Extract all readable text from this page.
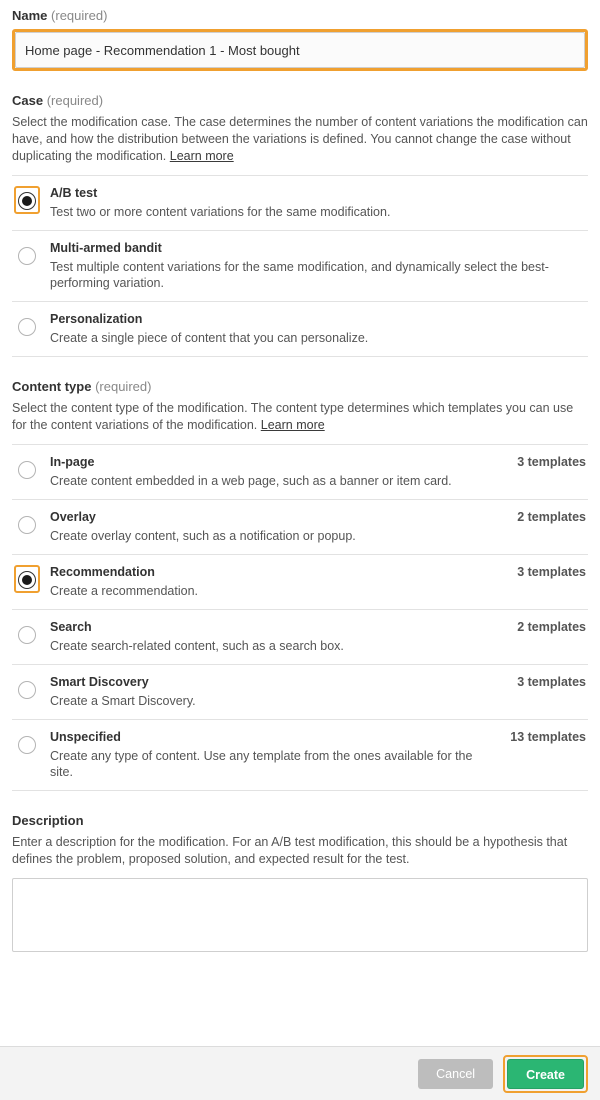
Name (required)
Home page - Recommendation 1 - Most bought
Case (required)
Select the modification case. The case determines the number of content variations the modification can have, and how the distribution between the variations is defined. You cannot change the case without duplicating the modification. Learn more
A/B test
Test two or more content variations for the same modification.
Multi-armed bandit
Test multiple content variations for the same modification, and dynamically select the best-performing variation.
Personalization
Create a single piece of content that you can personalize.
Content type (required)
Select the content type of the modification. The content type determines which templates you can use for the content variations of the modification. Learn more
In-page
Create content embedded in a web page, such as a banner or item card.
3 templates
Overlay
Create overlay content, such as a notification or popup.
2 templates
Recommendation
Create a recommendation.
3 templates
Search
Create search-related content, such as a search box.
2 templates
Smart Discovery
Create a Smart Discovery.
3 templates
Unspecified
Create any type of content. Use any template from the ones available for the site.
13 templates
Description
Enter a description for the modification. For an A/B test modification, this should be a hypothesis that defines the problem, proposed solution, and expected result for the test.
Cancel	Create
